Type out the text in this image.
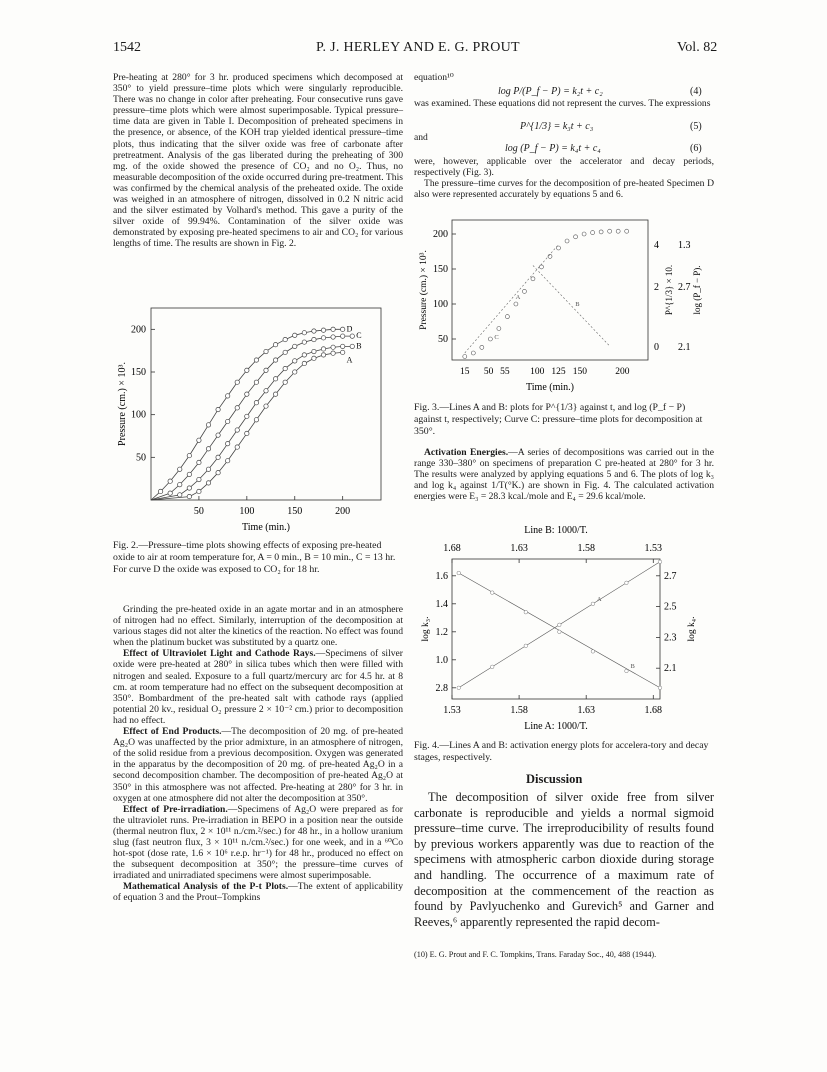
1542	P. J. HERLEY AND E. G. PROUT	Vol. 82

Pre-heating at 280° for 3 hr. produced specimens which decomposed at 350° to yield pressure–time plots which were singularly reproducible. There was no change in color after preheating. Four consecutive runs gave pressure–time plots which were almost superimposable. Typical pressure–time data are given in Table I. Decomposition of preheated specimens in the presence, or absence, of the KOH trap yielded identical pressure–time plots, thus indicating that the silver oxide was free of carbonate after pretreatment. Analysis of the gas liberated during the preheating of 300 mg. of the oxide showed the presence of CO₂ and no O₂. Thus, no measurable decomposition of the oxide occurred during pre-treatment. This was confirmed by the chemical analysis of the preheated oxide. The oxide was weighed in an atmosphere of nitrogen, dissolved in 0.2 N nitric acid and the silver estimated by Volhard's method. This gave a purity of the silver oxide of 99.94%. Contamination of the silver oxide was demonstrated by exposing pre-heated specimens to air and CO₂ for various lengths of time. The results are shown in Fig. 2.

50	100	150	200
50
100
150
200
Time (min.)
Pressure (cm.) × 10³.
D
C
B
A
Fig. 2.—Pressure–time plots showing effects of exposing pre-heated oxide to air at room temperature for, A = 0 min., B = 10 min., C = 13 hr. For curve D the oxide was exposed to CO₂ for 18 hr.

Grinding the pre-heated oxide in an agate mortar and in an atmosphere of nitrogen had no effect. Similarly, interruption of the decomposition at various stages did not alter the kinetics of the reaction. No effect was found when the platinum bucket was substituted by a quartz one.

Effect of Ultraviolet Light and Cathode Rays.—Specimens of silver oxide were pre-heated at 280° in silica tubes which then were filled with nitrogen and sealed. Exposure to a full quartz/mercury arc for 4.5 hr. at 8 cm. at room temperature had no effect on the subsequent decomposition at 350°. Bombardment of the pre-heated salt with cathode rays (applied potential 20 kv., residual O₂ pressure 2 × 10⁻² cm.) prior to decomposition had no effect.

Effect of End Products.—The decomposition of 20 mg. of pre-heated Ag₂O was unaffected by the prior admixture, in an atmosphere of nitrogen, of the solid residue from a previous decomposition. Oxygen was generated in the apparatus by the decomposition of 20 mg. of pre-heated Ag₂O in a second decomposition chamber. The decomposition of pre-heated Ag₂O at 350° in this atmosphere was not affected. Pre-heating at 280° for 3 hr. in oxygen at one atmosphere did not alter the decomposition at 350°.

Effect of Pre-irradiation.—Specimens of Ag₂O were prepared as for the ultraviolet runs. Pre-irradiation in BEPO in a position near the outside (thermal neutron flux, 2 × 10¹¹ n./cm.²/sec.) for 48 hr., in a hollow uranium slug (fast neutron flux, 3 × 10¹¹ n./cm.²/sec.) for one week, and in a ⁶⁰Co hot-spot (dose rate, 1.6 × 10⁶ r.e.p. hr⁻¹) for 48 hr., produced no effect on the subsequent decomposition at 350°; the pressure–time curves of irradiated and unirradiated specimens were almost superimposable.

Mathematical Analysis of the P-t Plots.—The extent of applicability of equation 3 and the Prout–Tompkins

equation¹⁰

log P/(P_f − P) = k₂t + c₂	(4)

was examined. These equations did not represent the curves. The expressions

P^{1/3} = k₃t + c₃	(5)

and

log (P_f − P) = k₄t + c₄	(6)

were, however, applicable over the accelerator and decay periods, respectively (Fig. 3).

The pressure–time curves for the decomposition of pre-heated Specimen D also were represented accurately by equations 5 and 6.

15 50 55 100 125 150	200
50
100
150
200
0
2
4
2.1
2.7
1.3
Time (min.)
Pressure (cm.) × 10³.	P^{1/3} × 10. log (P_f − P).
C
A
B
Fig. 3.—Lines A and B: plots for P^{1/3} against t, and log (P_f − P) against t, respectively; Curve C: pressure–time plots for decomposition at 350°.

Activation Energies.—A series of decompositions was carried out in the range 330–380° on specimens of preparation C pre-heated at 280° for 3 hr. The results were analyzed by applying equations 5 and 6. The plots of log k₃ and log k₄ against 1/T(°K.) are shown in Fig. 4. The calculated activation energies were E₃ = 28.3 kcal./mole and E₄ = 29.6 kcal/mole.

Line B: 1000/T.
1.53	1.58	1.63	1.68
1.68	1.63	1.58	1.53
2.8
1.0
1.2
1.4
1.6
2.1
2.3
2.5
2.7
log k₃.	log k₄.
Line A: 1000/T.
A
B
Fig. 4.—Lines A and B: activation energy plots for accelera-tory and decay stages, respectively.
Discussion
The decomposition of silver oxide free from silver carbonate is reproducible and yields a normal sigmoid pressure–time curve. The irreproducibility of results found by previous workers apparently was due to reaction of the specimens with atmospheric carbon dioxide during storage and handling. The occurrence of a maximum rate of decomposition at the commencement of the reaction as found by Pavlyuchenko and Gurevich⁵ and Garner and Reeves,⁶ apparently represented the rapid decom-
(10) E. G. Prout and F. C. Tompkins, Trans. Faraday Soc., 40, 488 (1944).
